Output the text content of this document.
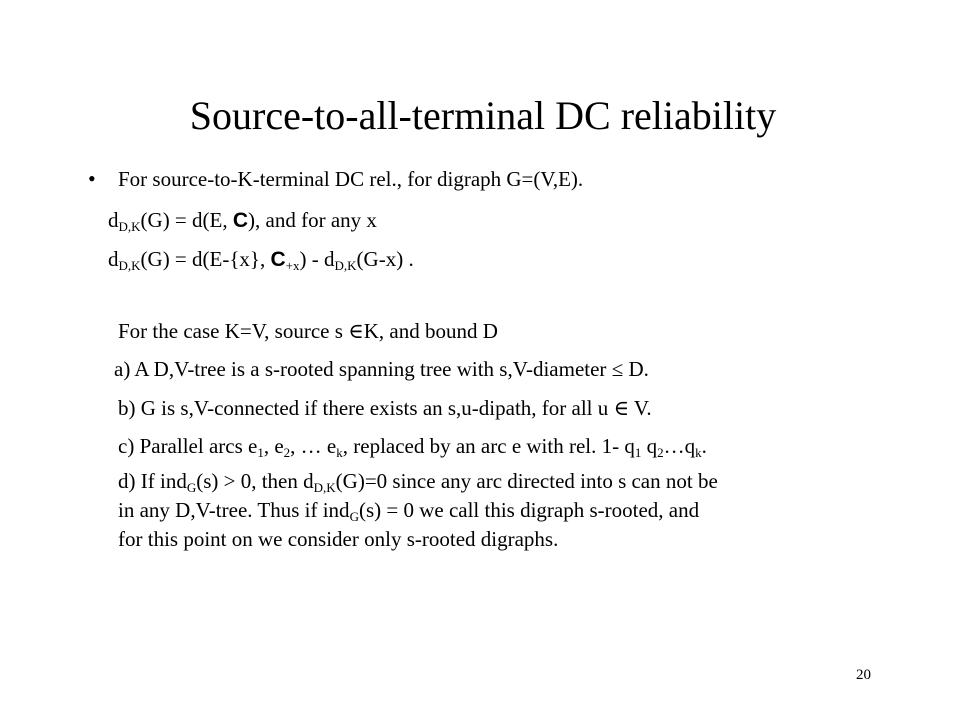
Source-to-all-terminal DC reliability
• For source-to-K-terminal DC rel., for digraph G=(V,E).
$d_{D,K}(G) = d(E$, C), and for any x
$d_{D,K}(G) = d(E-\{x\}$, $C_{+x}) - d_{D,K}(G-x)$ .
For the case K=V, source s ∈K, and bound D
a) A D,V-tree is a s-rooted spanning tree with s,V-diameter ≤ D.
b) G is s,V-connected if there exists an s,u-dipath, for all u ∈ V.
c) Parallel arcs $e_1$, $e_2$, … $e_k$, replaced by an arc e with rel. 1- $q_1$ $q_2\dots q_k$.
d) If ind$_G$(s) > 0, then $d_{D,K}(G)=0$ since any arc directed into s can not be
in any D,V-tree. Thus if ind$_G$(s) = 0 we call this digraph s-rooted, and
for this point on we consider only s-rooted digraphs.
20
